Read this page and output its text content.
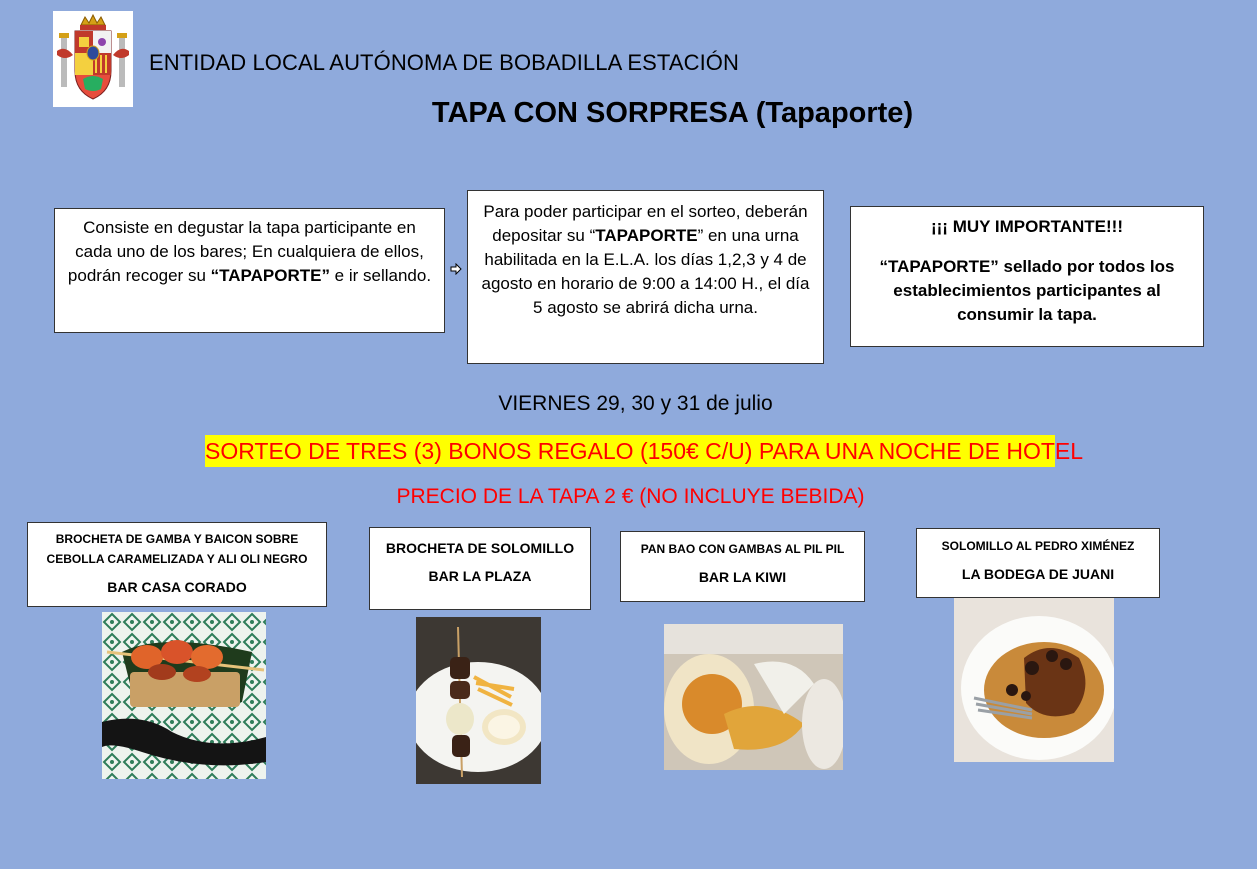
ENTIDAD LOCAL AUTÓNOMA DE BOBADILLA ESTACIÓN
TAPA CON SORPRESA (Tapaporte)
Consiste en degustar la tapa participante en cada uno de los bares; En cualquiera de ellos, podrán recoger su “TAPAPORTE” e ir sellando.
Para poder participar en el sorteo, deberán depositar su “TAPAPORTE” en una urna habilitada en la E.L.A. los días 1,2,3 y 4 de agosto en horario de 9:00 a 14:00 H., el día 5 agosto se abrirá dicha urna.
¡¡¡ MUY IMPORTANTE!!!
“TAPAPORTE” sellado por todos los establecimientos participantes al consumir la tapa.
VIERNES 29, 30 y 31 de julio
SORTEO DE TRES (3) BONOS REGALO (150€ C/U) PARA UNA NOCHE DE HOTEL
PRECIO DE LA TAPA 2 € (NO INCLUYE BEBIDA)
BROCHETA DE GAMBA Y BAICON SOBRE CEBOLLA CARAMELIZADA Y ALI OLI NEGRO
BAR CASA CORADO
BROCHETA DE SOLOMILLO
BAR LA PLAZA
PAN BAO CON GAMBAS AL PIL PIL
BAR LA KIWI
SOLOMILLO AL PEDRO XIMÉNEZ
LA BODEGA DE JUANI
